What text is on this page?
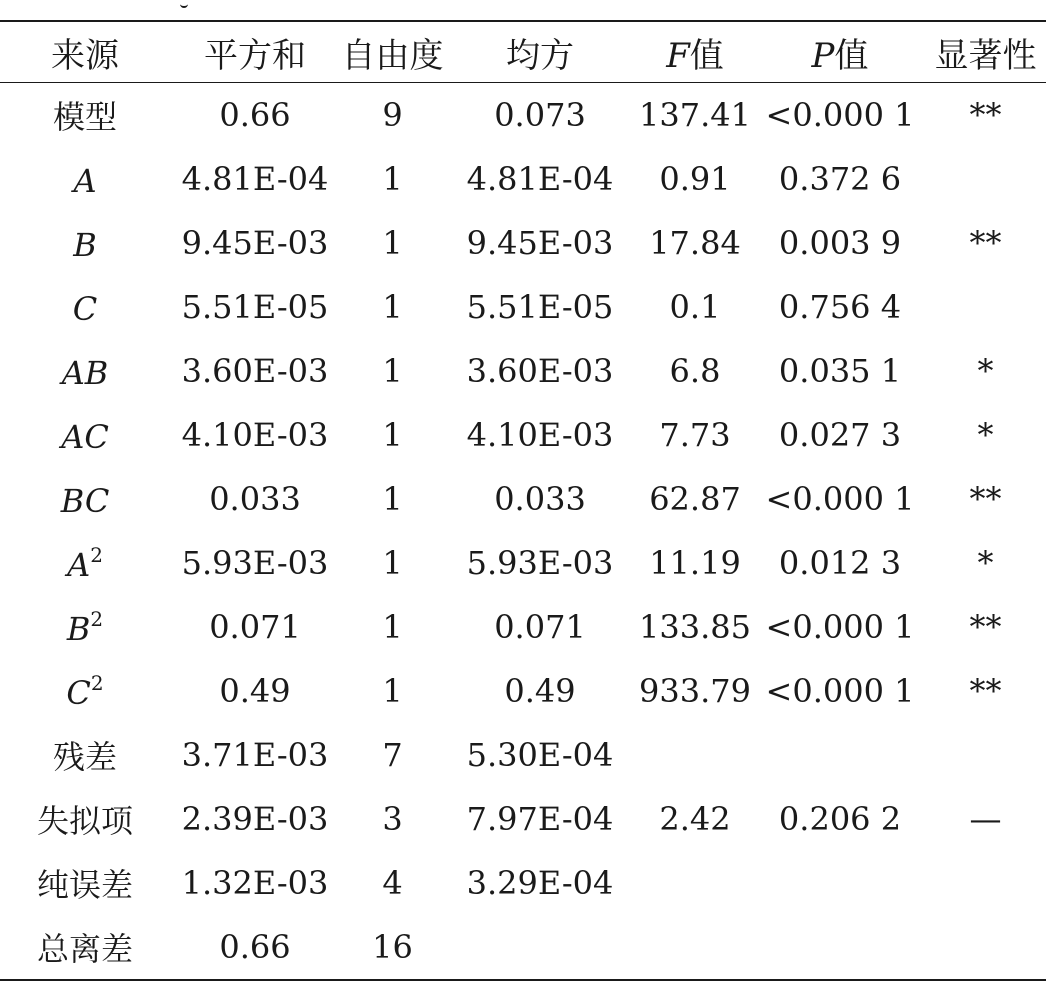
来源	平方和	自由度	均方	F值	P值	显著性
模型	0.66	9	0.073	137.41	<0.000 1	**
A	4.81E-04	1	4.81E-04	0.91	0.372 6	
B	9.45E-03	1	9.45E-03	17.84	0.003 9	**
C	5.51E-05	1	5.51E-05	0.1	0.756 4	
AB	3.60E-03	1	3.60E-03	6.8	0.035 1	*
AC	4.10E-03	1	4.10E-03	7.73	0.027 3	*
BC	0.033	1	0.033	62.87	<0.000 1	**
$A^2$	5.93E-03	1	5.93E-03	11.19	0.012 3	*
$B^2$	0.071	1	0.071	133.85	<0.000 1	**
$C^2$	0.49	1	0.49	933.79	<0.000 1	**
残差	3.71E-03	7	5.30E-04			
失拟项	2.39E-03	3	7.97E-04	2.42	0.206 2	—
纯误差	1.32E-03	4	3.29E-04			
总离差	0.66	16				
